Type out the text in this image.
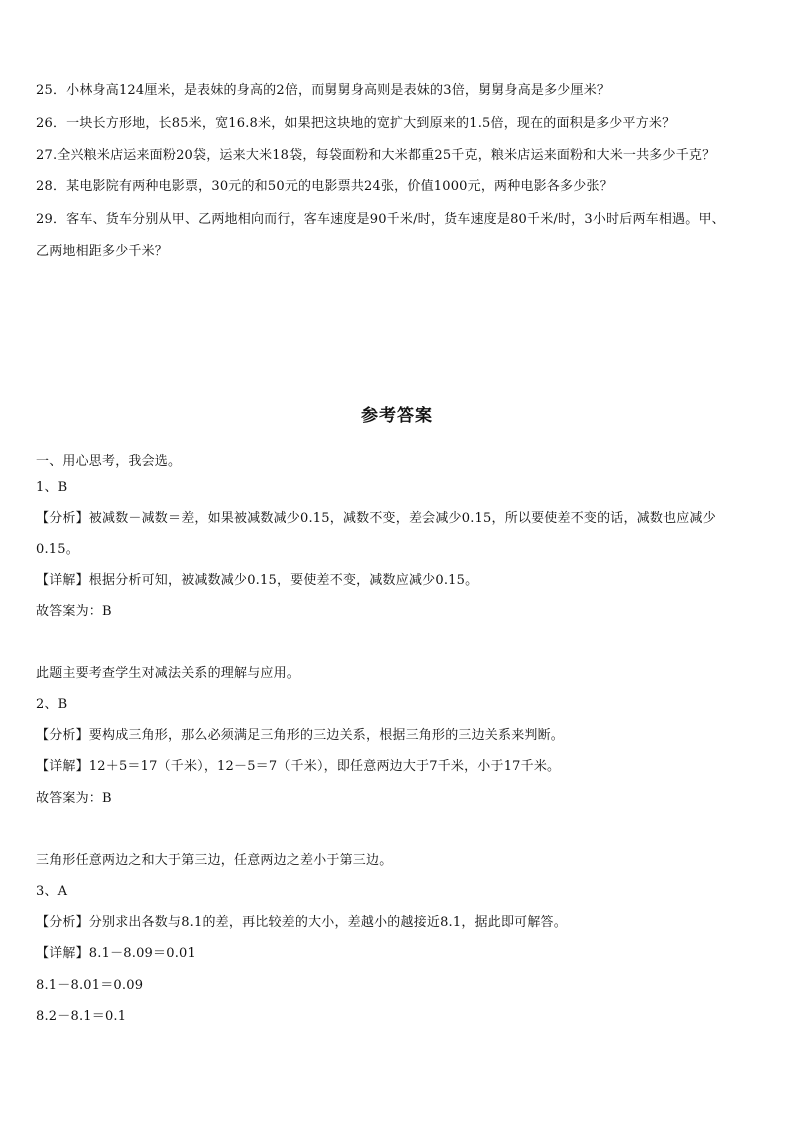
25．小林身高124厘米，是表妹的身高的2倍，而舅舅身高则是表妹的3倍，舅舅身高是多少厘米？
26．一块长方形地，长85米，宽16.8米，如果把这块地的宽扩大到原来的1.5倍，现在的面积是多少平方米？
27.全兴粮米店运来面粉20袋，运来大米18袋，每袋面粉和大米都重25千克，粮米店运来面粉和大米一共多少千克？
28．某电影院有两种电影票，30元的和50元的电影票共24张，价值1000元，两种电影各多少张？
29．客车、货车分别从甲、乙两地相向而行，客车速度是90千米/时，货车速度是80千米/时，3小时后两车相遇。甲、
乙两地相距多少千米？
参考答案
一、用心思考，我会选。
1、B
【分析】被减数－减数＝差，如果被减数减少0.15，减数不变，差会减少0.15，所以要使差不变的话，减数也应减少
0.15。
【详解】根据分析可知，被减数减少0.15，要使差不变，减数应减少0.15。
故答案为：B
此题主要考查学生对减法关系的理解与应用。
2、B
【分析】要构成三角形，那么必须满足三角形的三边关系，根据三角形的三边关系来判断。
【详解】12＋5＝17（千米），12－5＝7（千米），即任意两边大于7千米，小于17千米。
故答案为：B
三角形任意两边之和大于第三边，任意两边之差小于第三边。
3、A
【分析】分别求出各数与8.1的差，再比较差的大小，差越小的越接近8.1，据此即可解答。
【详解】8.1－8.09＝0.01
8.1－8.01＝0.09
8.2－8.1＝0.1
